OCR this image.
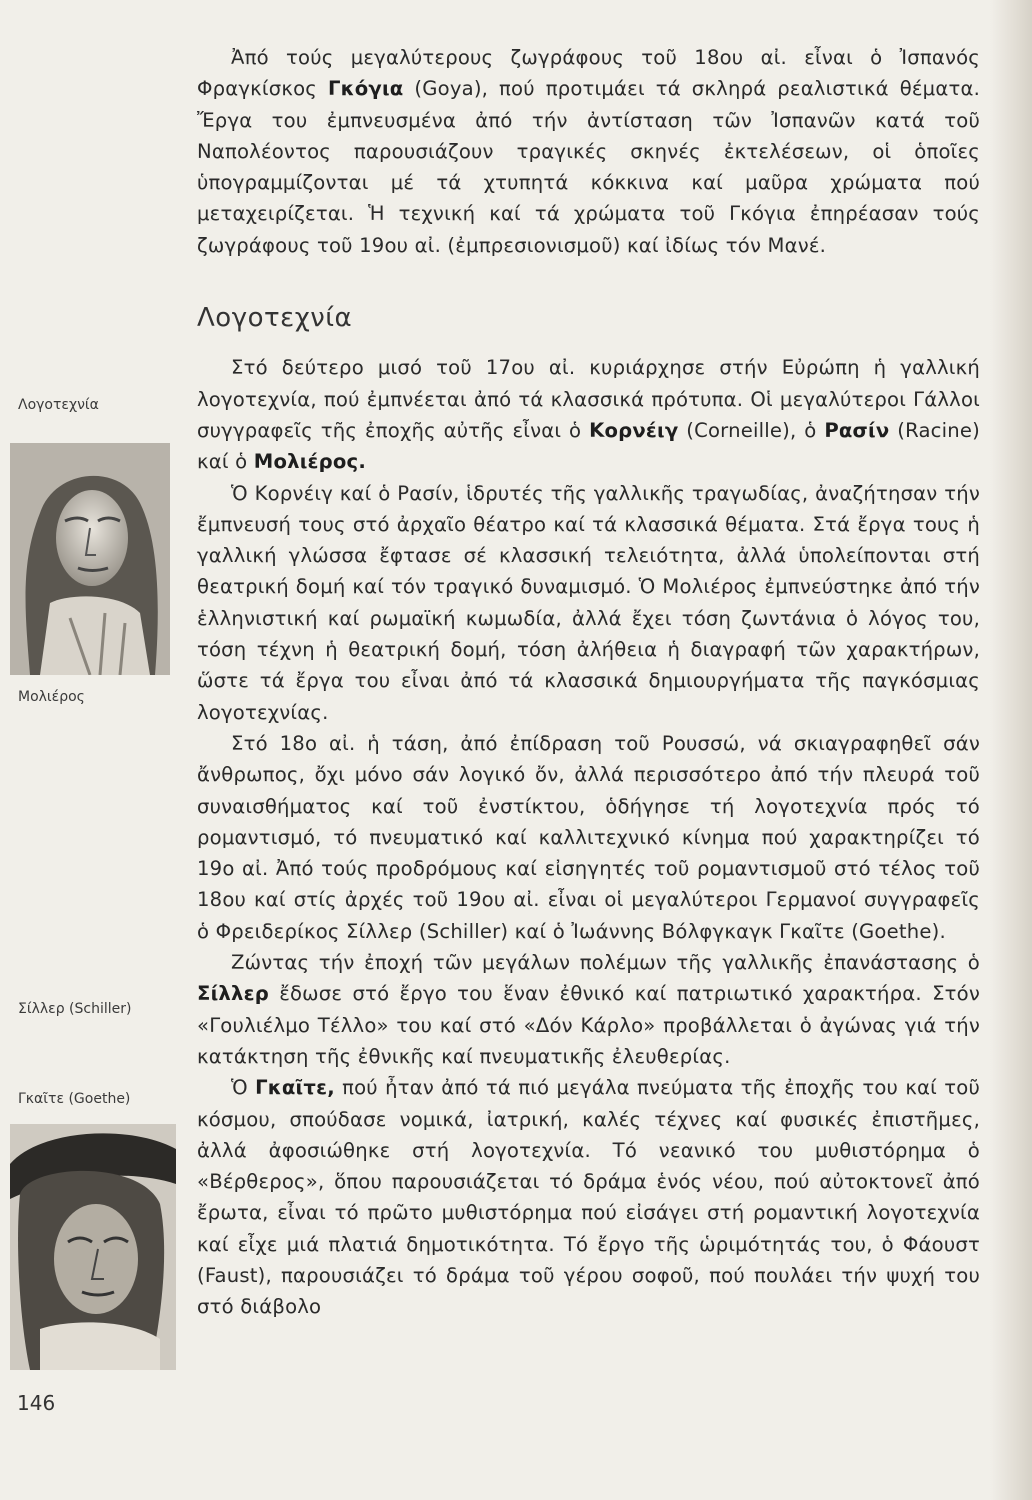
Λογοτεχνία
Μολιέρος
Σίλλερ (Schiller)
Γκαῖτε (Goethe)
146

Ἀπό τούς μεγαλύτερους ζωγράφους τοῦ 18ου αἰ. εἶναι ὁ Ἰσπανός Φραγκίσκος Γκόγια (Goya), πού προτιμάει τά σκληρά ρεαλιστικά θέματα. Ἔργα του ἐμπνευσμένα ἀπό τήν ἀντίσταση τῶν Ἰσπανῶν κατά τοῦ Ναπολέοντος παρουσιάζουν τραγικές σκηνές ἐκτελέσεων, οἱ ὁποῖες ὑπογραμμίζονται μέ τά χτυπητά κόκκινα καί μαῦρα χρώματα πού μεταχειρίζεται. Ἡ τεχνική καί τά χρώματα τοῦ Γκόγια ἐπηρέασαν τούς ζωγράφους τοῦ 19ου αἰ. (ἐμπρεσιονισμοῦ) καί ἰδίως τόν Μανέ.

Λογοτεχνία

Στό δεύτερο μισό τοῦ 17ου αἰ. κυριάρχησε στήν Εὐρώπη ἡ γαλλική λογοτεχνία, πού ἐμπνέεται ἀπό τά κλασσικά πρότυπα. Οἱ μεγαλύτεροι Γάλλοι συγγραφεῖς τῆς ἐποχῆς αὐτῆς εἶναι ὁ Κορνέιγ (Corneille), ὁ Ρασίν (Racine) καί ὁ Μολιέρος.

Ὁ Κορνέιγ καί ὁ Ρασίν, ἱδρυτές τῆς γαλλικῆς τραγωδίας, ἀναζήτησαν τήν ἔμπνευσή τους στό ἀρχαῖο θέατρο καί τά κλασσικά θέματα. Στά ἔργα τους ἡ γαλλική γλώσσα ἔφτασε σέ κλασσική τελειότητα, ἀλλά ὑπολείπονται στή θεατρική δομή καί τόν τραγικό δυναμισμό. Ὁ Μολιέρος ἐμπνεύστηκε ἀπό τήν ἑλληνιστική καί ρωμαϊκή κωμωδία, ἀλλά ἔχει τόση ζωντάνια ὁ λόγος του, τόση τέχνη ἡ θεατρική δομή, τόση ἀλήθεια ἡ διαγραφή τῶν χαρακτήρων, ὥστε τά ἔργα του εἶναι ἀπό τά κλασσικά δημιουργήματα τῆς παγκόσμιας λογοτεχνίας.

Στό 18ο αἰ. ἡ τάση, ἀπό ἐπίδραση τοῦ Ρουσσώ, νά σκιαγραφηθεῖ σάν ἄνθρωπος, ὄχι μόνο σάν λογικό ὄν, ἀλλά περισσότερο ἀπό τήν πλευρά τοῦ συναισθήματος καί τοῦ ἐνστίκτου, ὁδήγησε τή λογοτεχνία πρός τό ρομαντισμό, τό πνευματικό καί καλλιτεχνικό κίνημα πού χαρακτηρίζει τό 19ο αἰ. Ἀπό τούς προδρόμους καί εἰσηγητές τοῦ ρομαντισμοῦ στό τέλος τοῦ 18ου καί στίς ἀρχές τοῦ 19ου αἰ. εἶναι οἱ μεγαλύτεροι Γερμανοί συγγραφεῖς ὁ Φρειδερίκος Σίλλερ (Schiller) καί ὁ Ἰωάννης Βόλφγκαγκ Γκαῖτε (Goethe).

Ζώντας τήν ἐποχή τῶν μεγάλων πολέμων τῆς γαλλικῆς ἐπανάστασης ὁ Σίλλερ ἔδωσε στό ἔργο του ἕναν ἐθνικό καί πατριωτικό χαρακτήρα. Στόν «Γουλιέλμο Τέλλο» του καί στό «Δόν Κάρλο» προβάλλεται ὁ ἀγώνας γιά τήν κατάκτηση τῆς ἐθνικῆς καί πνευματικῆς ἐλευθερίας.

Ὁ Γκαῖτε, πού ἦταν ἀπό τά πιό μεγάλα πνεύματα τῆς ἐποχῆς του καί τοῦ κόσμου, σπούδασε νομικά, ἰατρική, καλές τέχνες καί φυσικές ἐπιστῆμες, ἀλλά ἀφοσιώθηκε στή λογοτεχνία. Τό νεανικό του μυθιστόρημα ὁ «Βέρθερος», ὅπου παρουσιάζεται τό δράμα ἑνός νέου, πού αὐτοκτονεῖ ἀπό ἔρωτα, εἶναι τό πρῶτο μυθιστόρημα πού εἰσάγει στή ρομαντική λογοτεχνία καί εἶχε μιά πλατιά δημοτικότητα. Τό ἔργο τῆς ὡριμότητάς του, ὁ Φάουστ (Faust), παρουσιάζει τό δράμα τοῦ γέρου σοφοῦ, πού πουλάει τήν ψυχή του στό διάβολο
